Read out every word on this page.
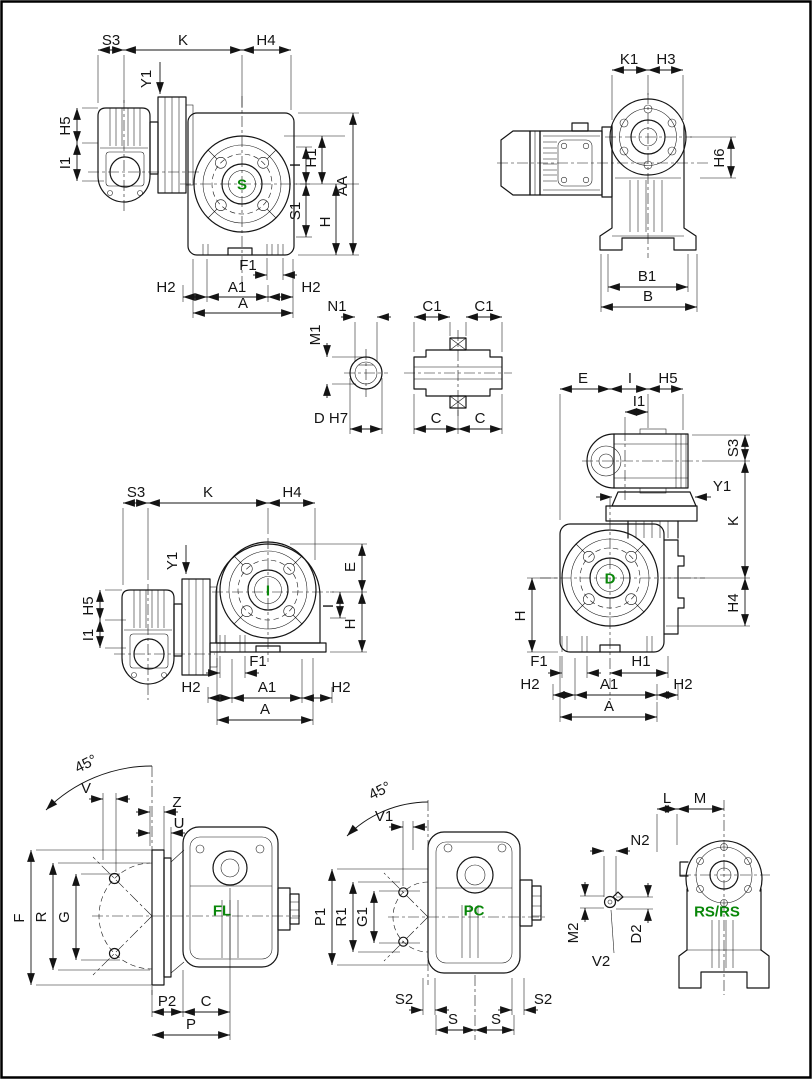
S
S3	K	H4
Y1
H5
I1	I H1
S1
H
AA
F1
H2	A1	H2
A
K1 H3
H6
B1
B
N1
M1
D H7
C1 C1
C C
D
E	I H5
I1
S3
Y1
K
H4
H
F1	H1
H2	A1	H2
A
I
S3	K	H4
Y1
H5
I1
E
I
H
F1
H2	A1	H2
A
FL
45°
V
Z
U
F R G
P2 C
P
PC
45°
V1
P1 R1 G1
S2	S2
S S
RS/RS
L M
N2
M2	D2
V2
